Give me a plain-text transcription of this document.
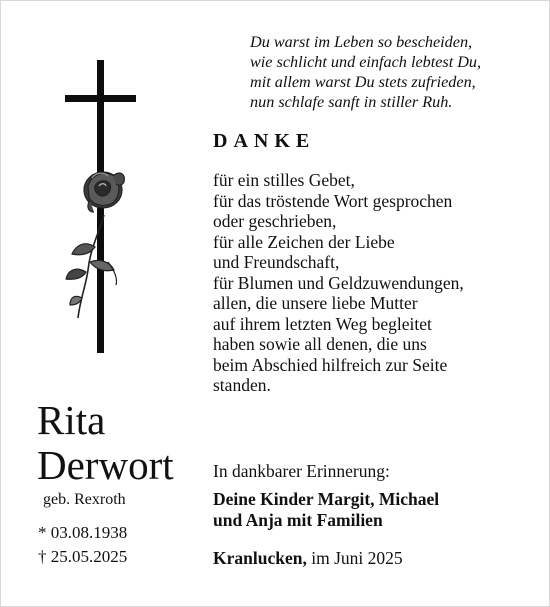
Du warst im Leben so bescheiden,
wie schlicht und einfach lebtest Du,
mit allem warst Du stets zufrieden,
nun schlafe sanft in stiller Ruh.
DANKE
für ein stilles Gebet,
für das tröstende Wort gesprochen
oder geschrieben,
für alle Zeichen der Liebe
und Freundschaft,
für Blumen und Geldzuwendungen,
allen, die unsere liebe Mutter
auf ihrem letzten Weg begleitet
haben sowie all denen, die uns
beim Abschied hilfreich zur Seite
standen.
Rita
Derwort
geb. Rexroth
* 03.08.1938
† 25.05.2025
In dankbarer Erinnerung:
Deine Kinder Margit, Michael
und Anja mit Familien
Kranlucken, im Juni 2025
